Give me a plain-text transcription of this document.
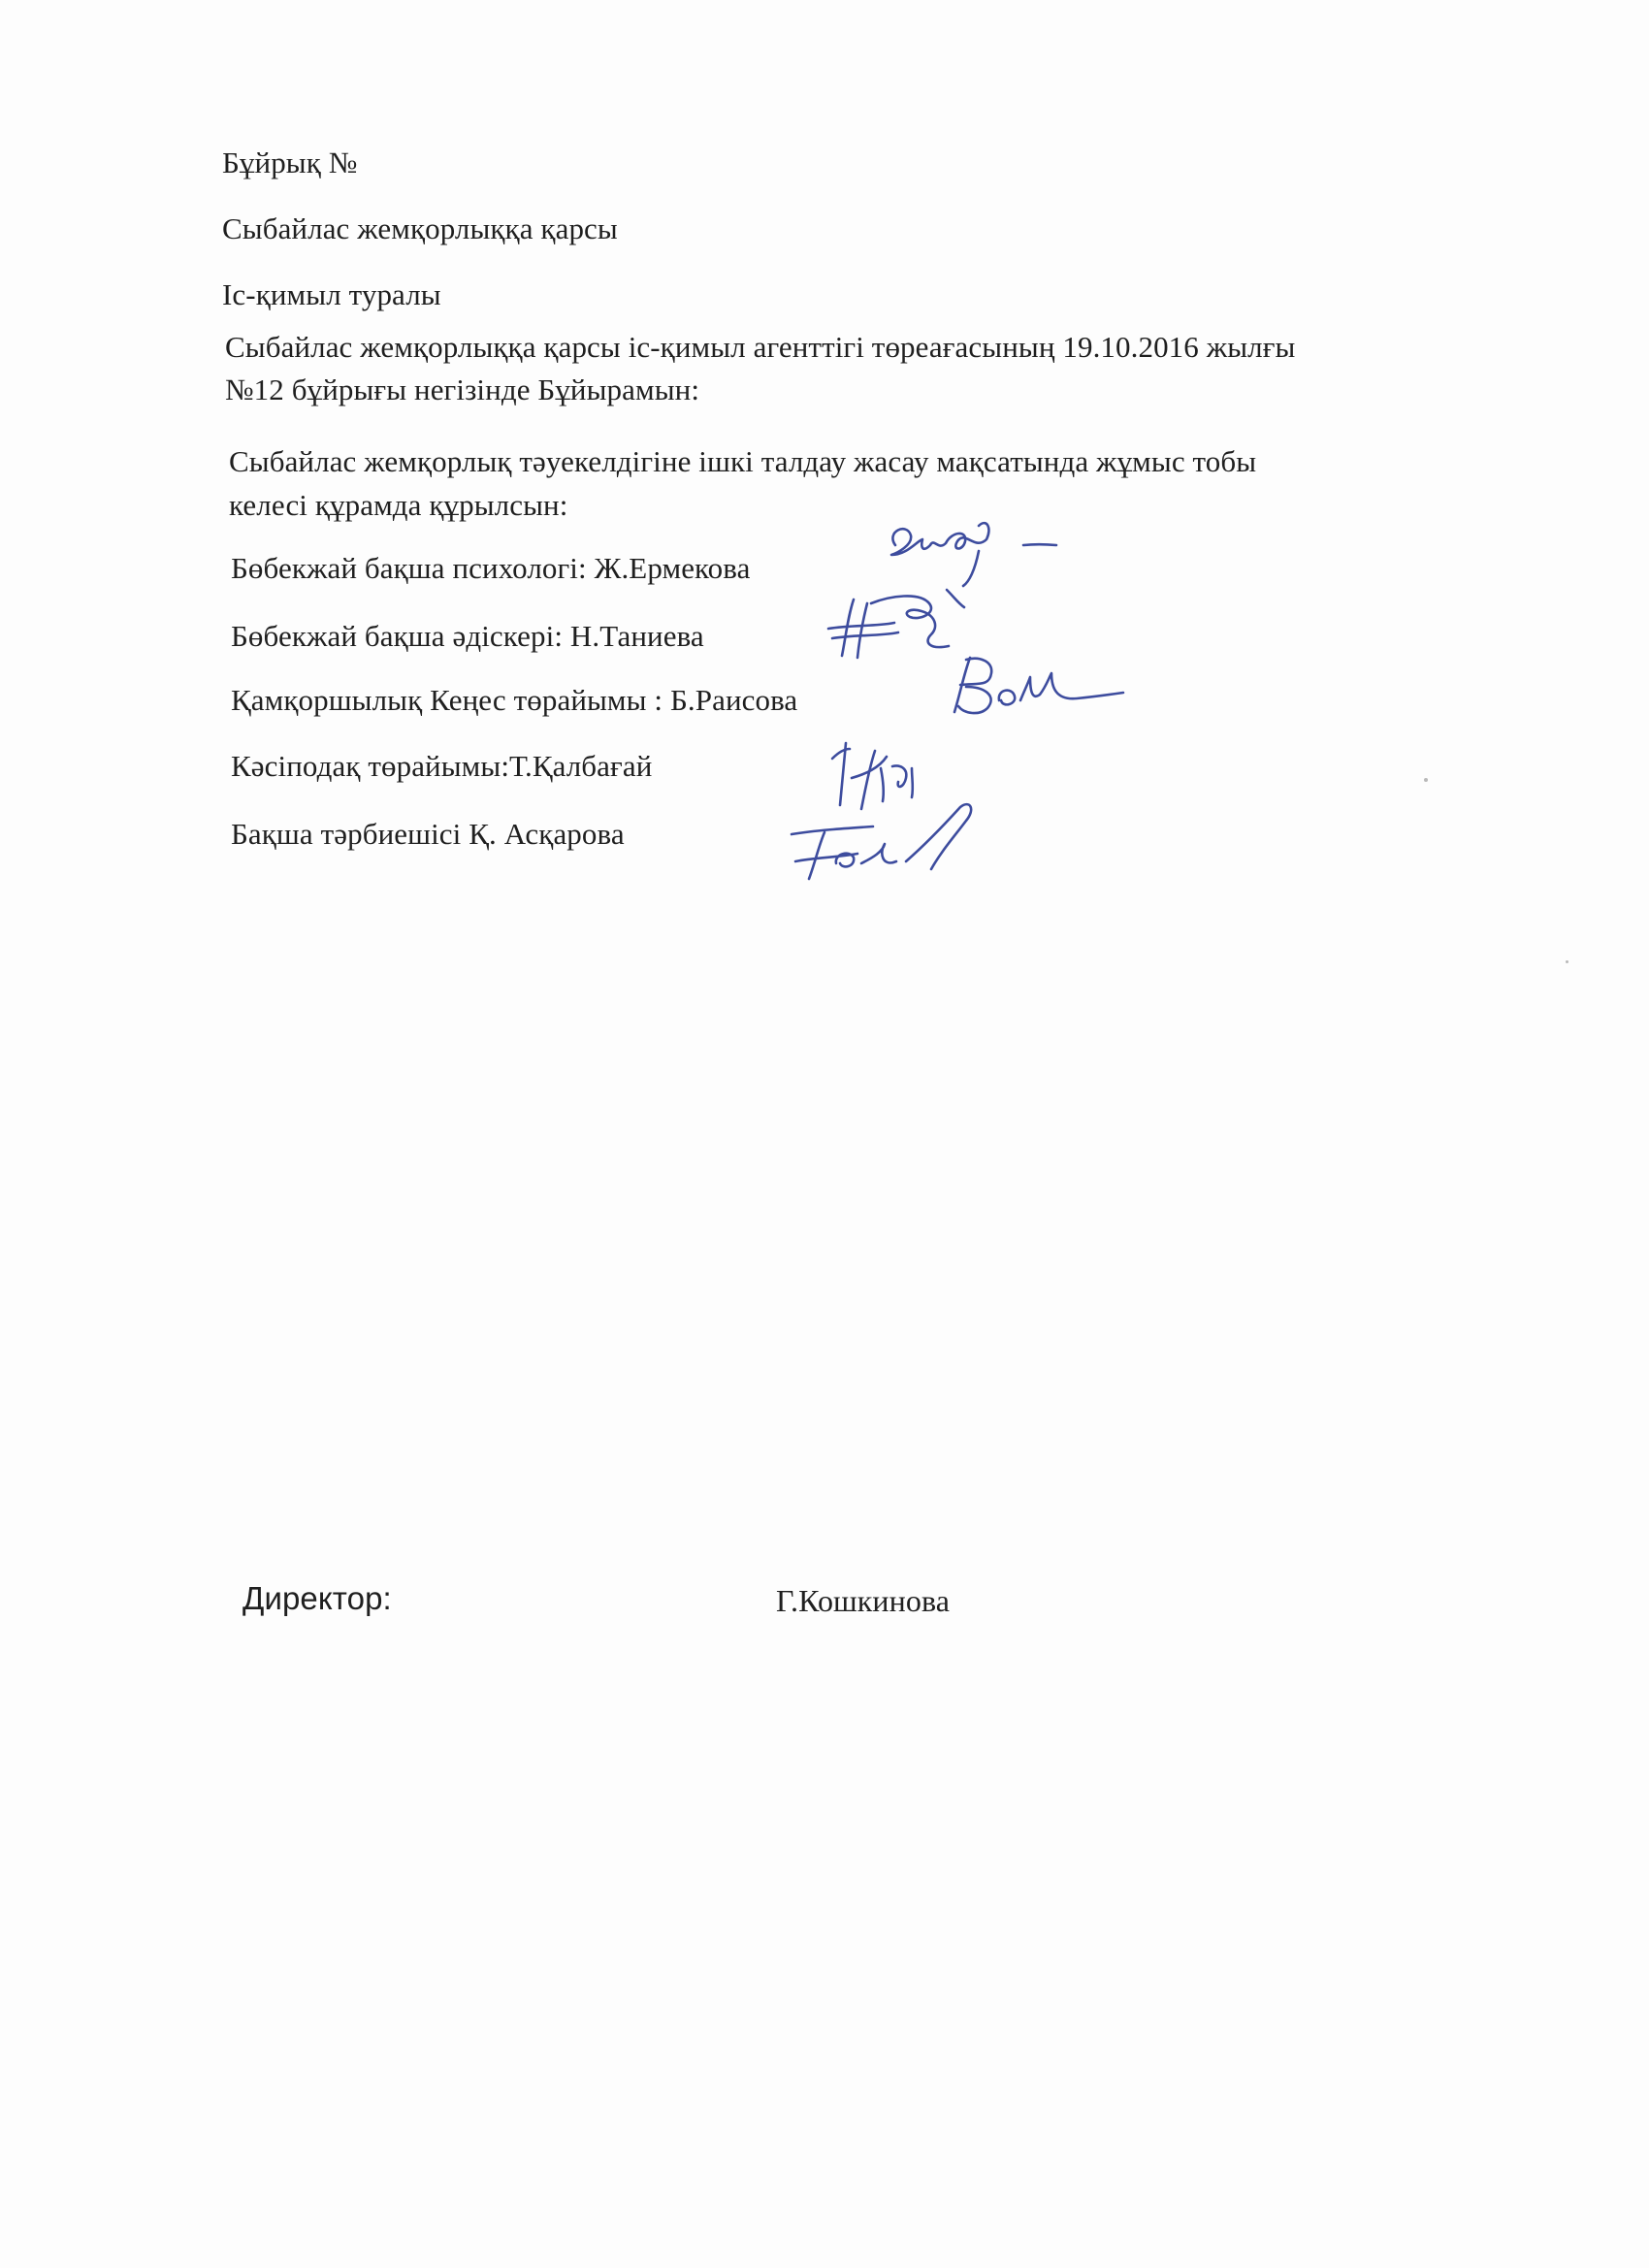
Бұйрық №
Сыбайлас жемқорлыққа қарсы
Іс-қимыл туралы
Сыбайлас жемқорлыққа қарсы іс-қимыл агенттігі төреағасының 19.10.2016 жылғы
№12 бұйрығы негізінде Бұйырамын:
Сыбайлас жемқорлық тәуекелдігіне ішкі талдау жасау мақсатында жұмыс тобы
келесі құрамда құрылсын:
Бөбекжай бақша психологі: Ж.Ермекова
Бөбекжай бақша әдіскері: Н.Таниева
Қамқоршылық Кеңес төрайымы : Б.Раисова
Кәсіподақ төрайымы:Т.Қалбағай
Бақша тәрбиешісі Қ. Асқарова
Директор:	Г.Кошкинова
